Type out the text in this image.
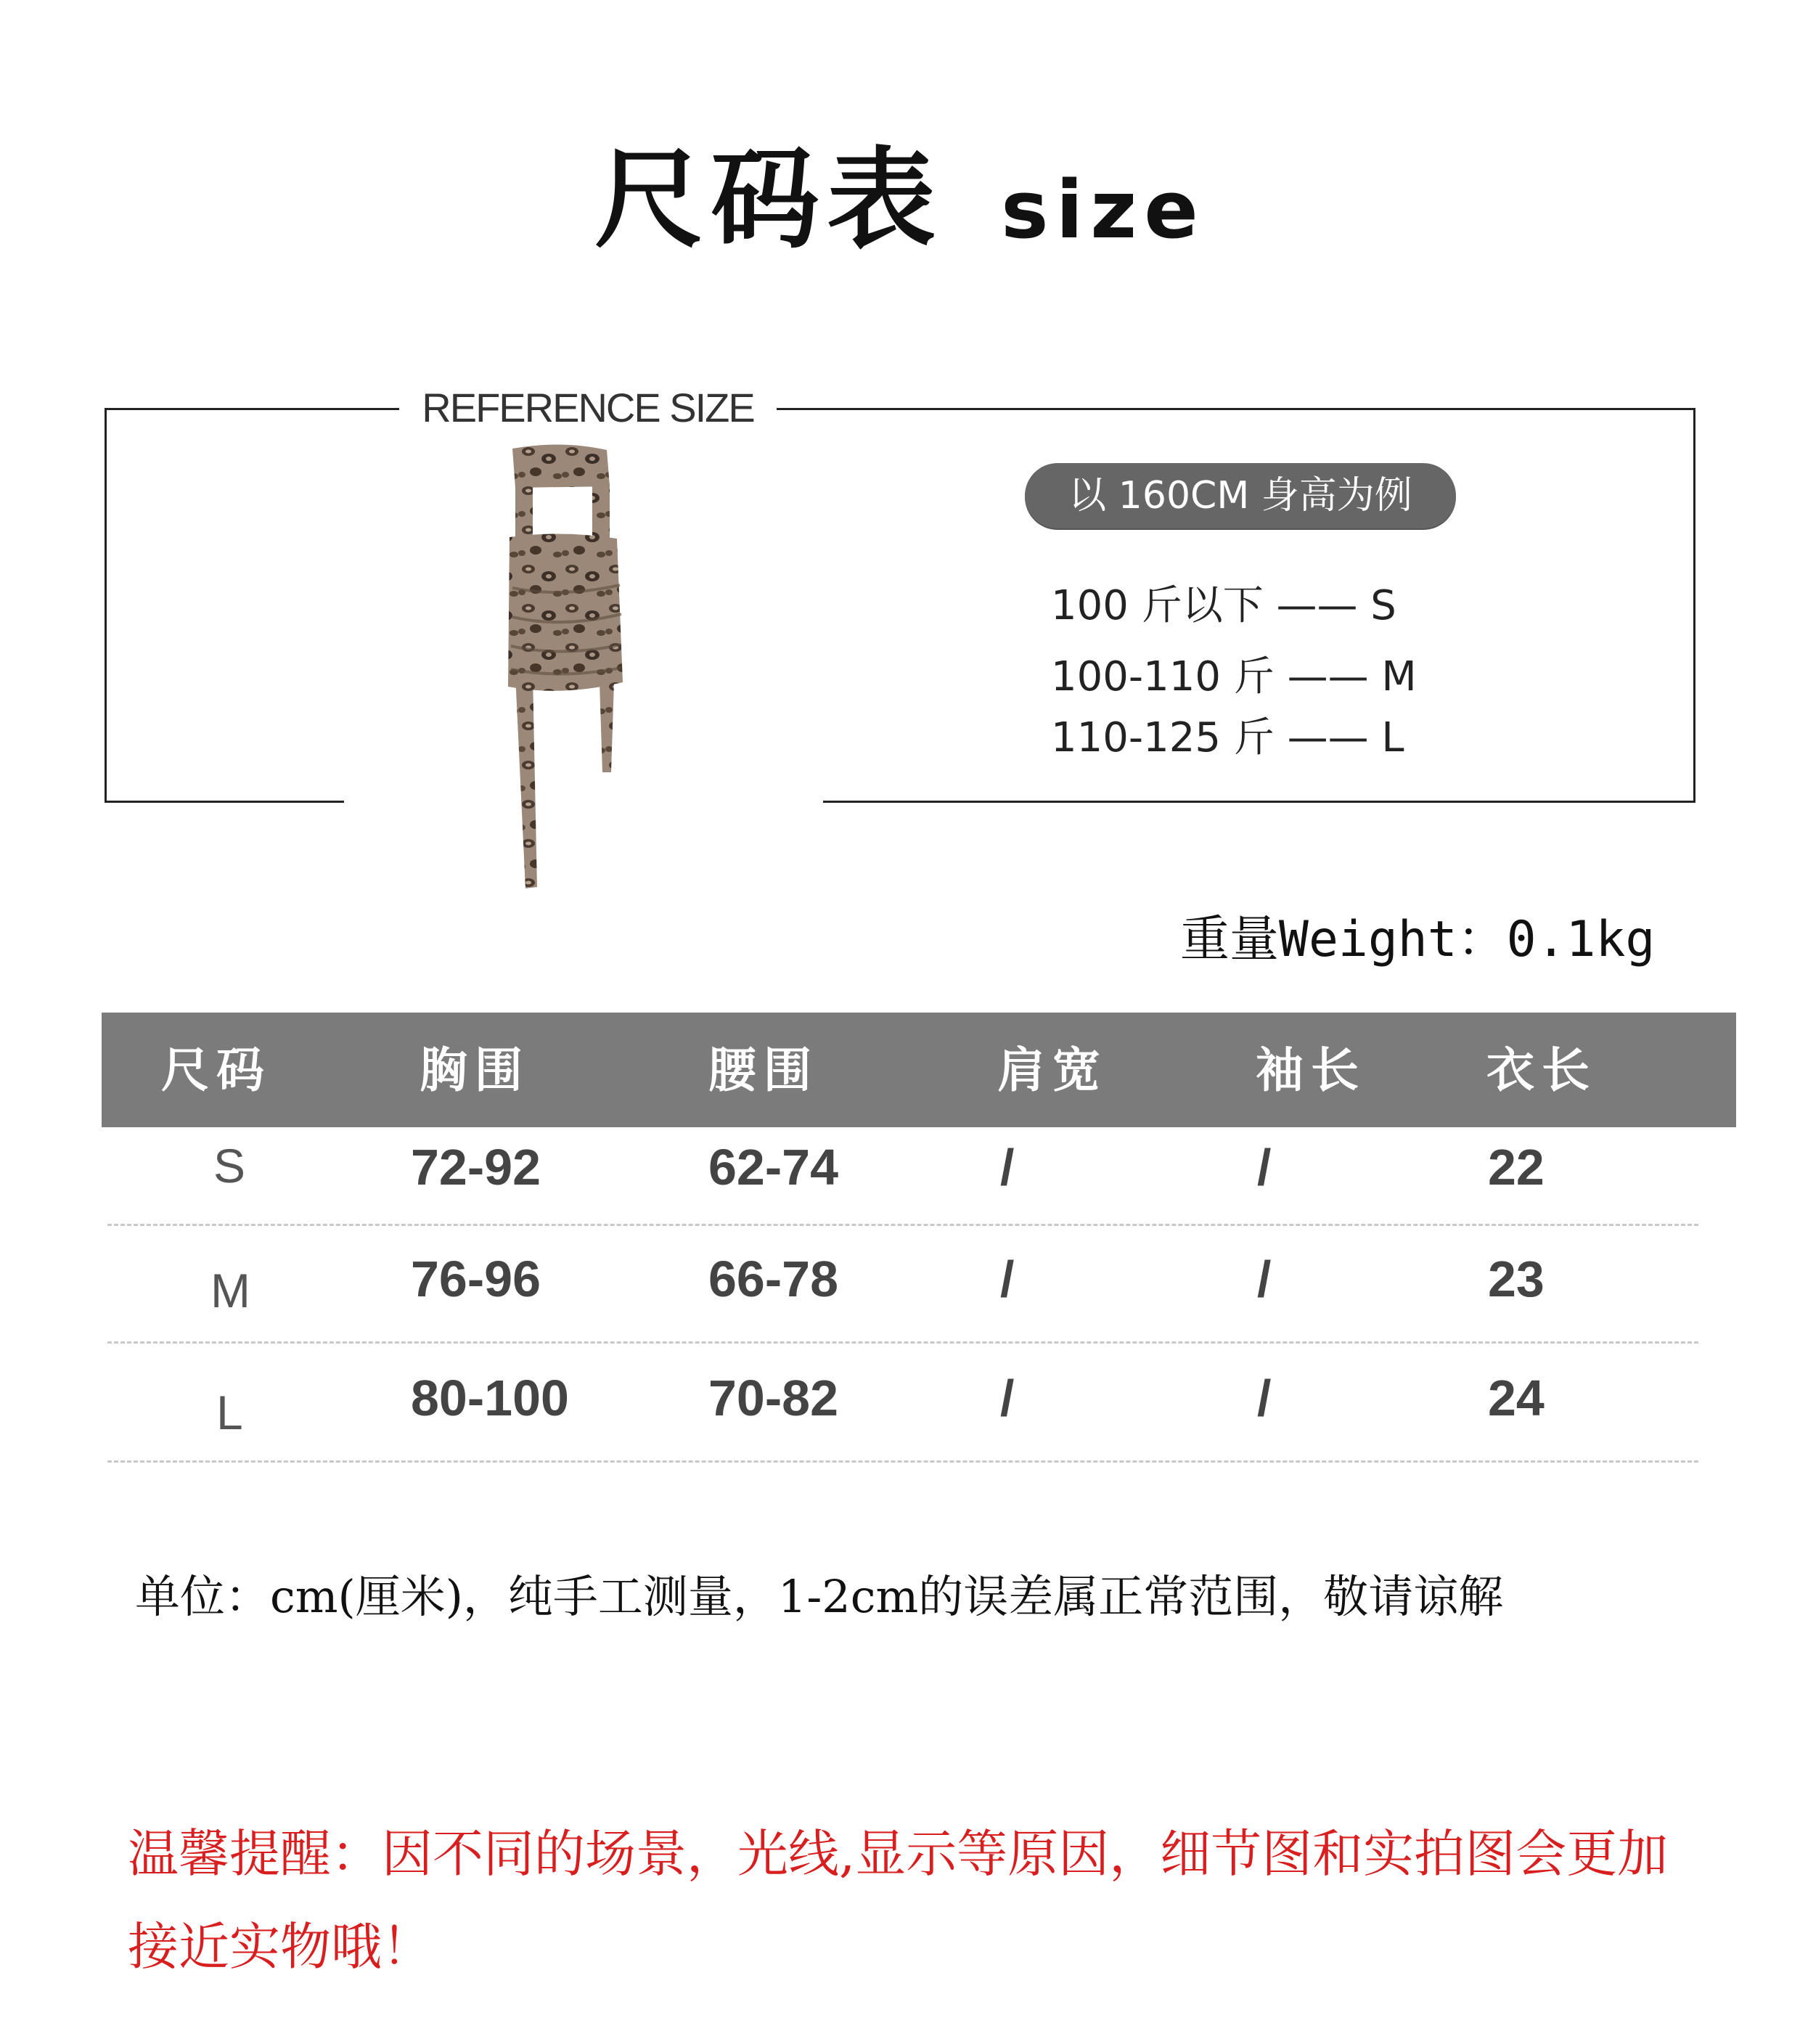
尺码表 size
REFERENCE SIZE
以 160CM 身高为例
100 斤以下 —— S
100-110 斤 —— M
110-125 斤 —— L
重量Weight：0.1kg
尺码	胸围	腰围	肩宽	袖长	衣长
S	72-92	62-74	/	/	22
M	76-96	66-78	/	/	23
L	80-100	70-82	/	/	24
单位：cm(厘米)，纯手工测量，1-2cm的误差属正常范围，敬请谅解
温馨提醒：因不同的场景，光线,显示等原因，细节图和实拍图会更加接近实物哦！
